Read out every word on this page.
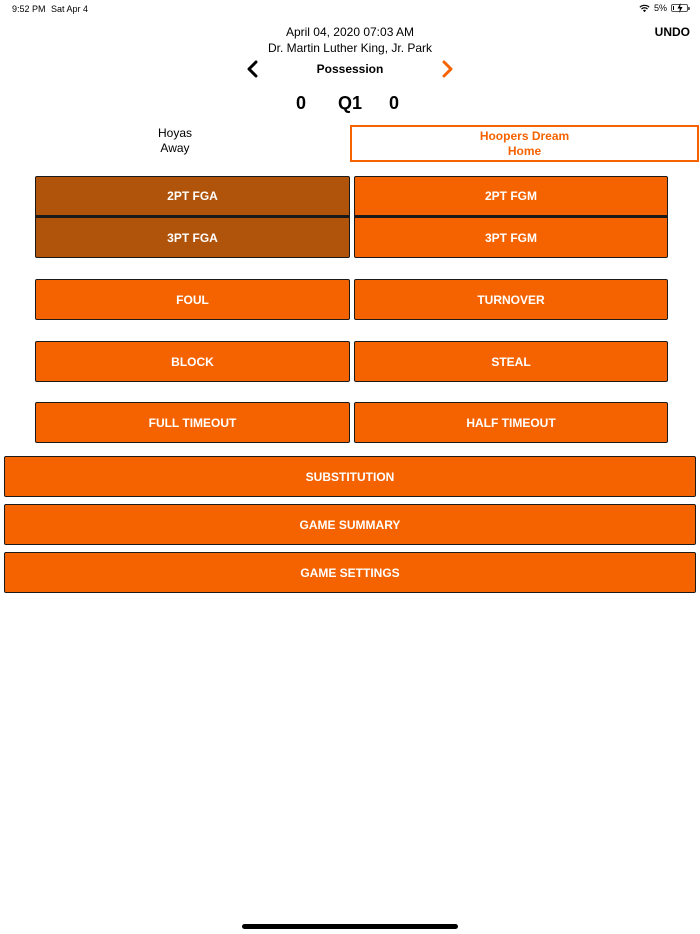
9:52 PM Sat Apr 4	5%
April 04, 2020 07:03 AM
Dr. Martin Luther King, Jr. Park
UNDO
Possession
0	Q1	0
Hoyas
Away
Hoopers Dream
Home
2PT FGA	2PT FGM
3PT FGA	3PT FGM
FOUL	TURNOVER
BLOCK	STEAL
FULL TIMEOUT	HALF TIMEOUT
SUBSTITUTION
GAME SUMMARY
GAME SETTINGS
